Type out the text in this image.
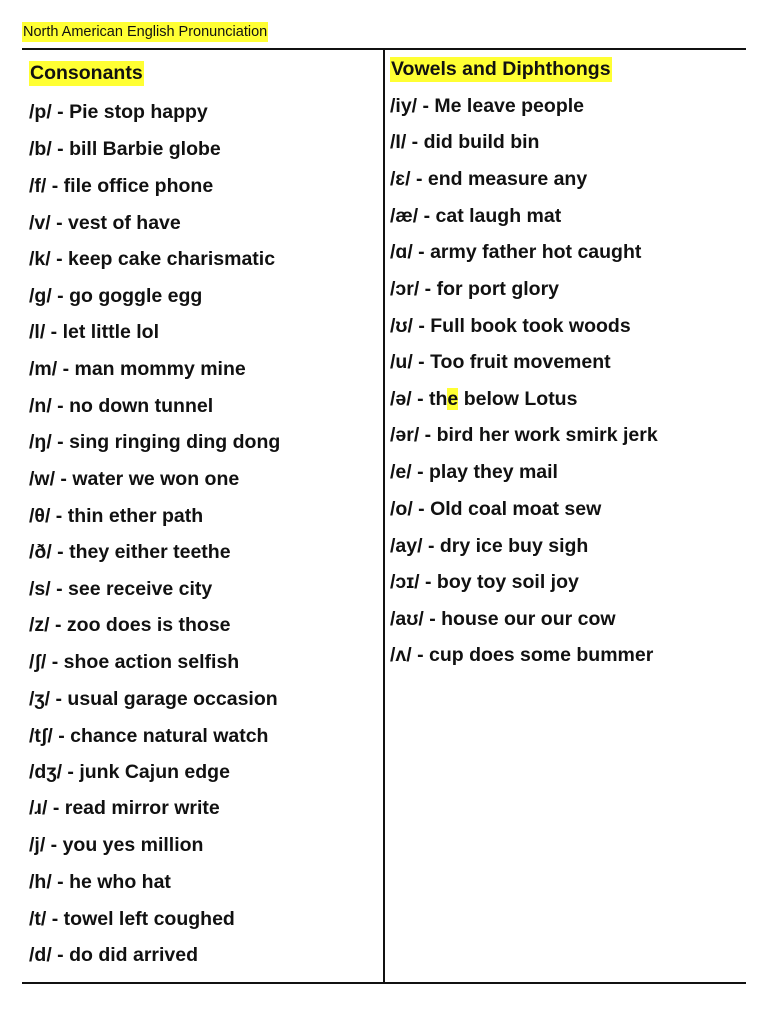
North American English Pronunciation
Consonants
/p/ - Pie stop happy
/b/ - bill Barbie globe
/f/ - file office phone
/v/ - vest of have
/k/ - keep cake charismatic
/g/ - go goggle egg
/l/ - let little lol
/m/ - man mommy mine
/n/ - no down tunnel
/ŋ/ - sing ringing ding dong
/w/ - water we won one
/θ/ - thin ether path
/ð/ - they either teethe
/s/ - see receive city
/z/ - zoo does is those
/ʃ/ - shoe action selfish
/ʒ/ - usual garage occasion
/tʃ/ - chance natural watch
/dʒ/ - junk Cajun edge
/ɹ/ - read mirror write
/j/ - you yes million
/h/ - he who hat
/t/ - towel left coughed
/d/ - do did arrived
Vowels and Diphthongs
/iy/ - Me leave people
/I/ - did build bin
/ɛ/ - end measure any
/æ/ - cat laugh mat
/ɑ/ - army father hot caught
/ɔr/ - for port glory
/ʊ/ - Full book took woods
/u/ - Too fruit movement
/ə/ - the below Lotus
/ər/ - bird her work smirk jerk
/e/ - play they mail
/o/ - Old coal moat sew
/ay/ - dry ice buy sigh
/ɔɪ/ - boy toy soil joy
/aʊ/ - house our our cow
/ʌ/ - cup does some bummer
